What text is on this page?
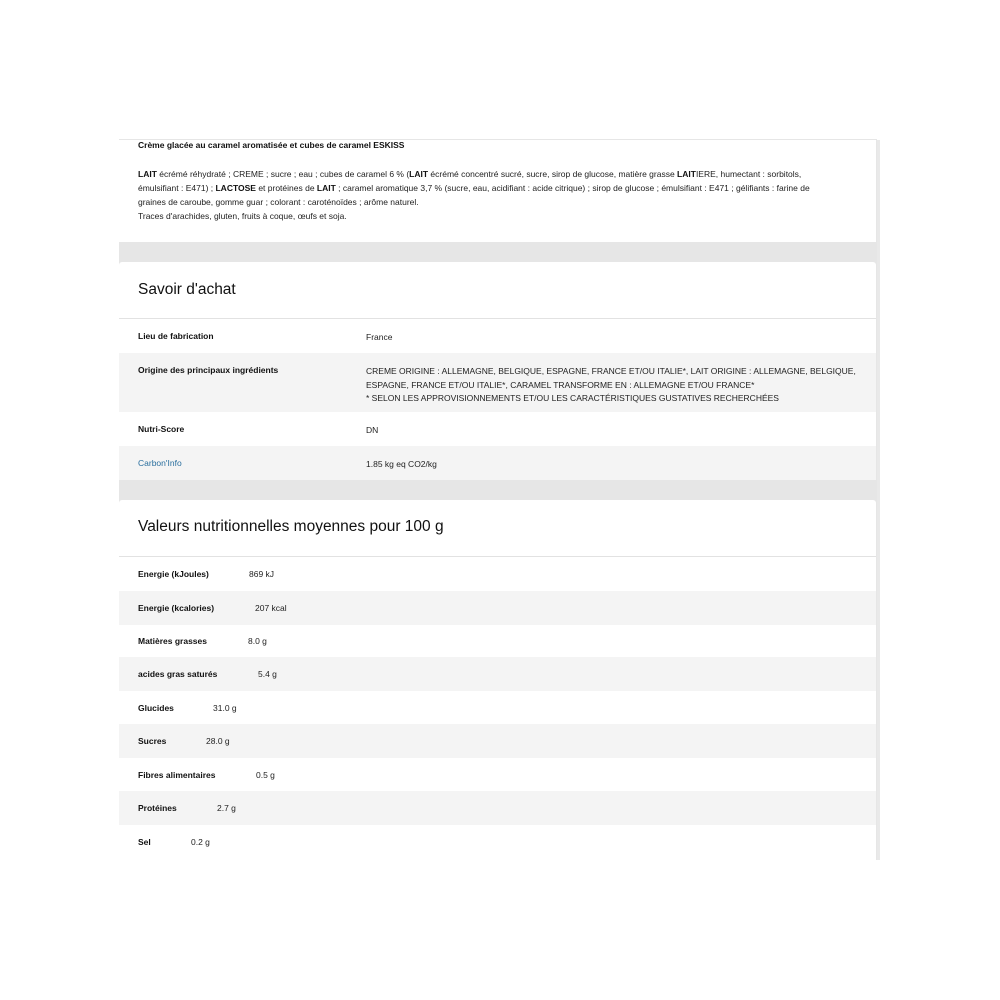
Crème glacée au caramel aromatisée et cubes de caramel ESKISS
LAIT écrémé réhydraté ; CREME ; sucre ; eau ; cubes de caramel 6 % (LAIT écrémé concentré sucré, sucre, sirop de glucose, matière grasse LAITIERE, humectant : sorbitols,
émulsifiant : E471) ; LACTOSE et protéines de LAIT ; caramel aromatique 3,7 % (sucre, eau, acidifiant : acide citrique) ; sirop de glucose ; émulsifiant : E471 ; gélifiants : farine de
graines de caroube, gomme guar ; colorant : caroténoïdes ; arôme naturel.
Traces d'arachides, gluten, fruits à coque, œufs et soja.
Savoir d'achat
Lieu de fabrication	France
Origine des principaux ingrédients	CREME ORIGINE : ALLEMAGNE, BELGIQUE, ESPAGNE, FRANCE ET/OU ITALIE*, LAIT ORIGINE : ALLEMAGNE, BELGIQUE,
ESPAGNE, FRANCE ET/OU ITALIE*, CARAMEL TRANSFORME EN : ALLEMAGNE ET/OU FRANCE*
* SELON LES APPROVISIONNEMENTS ET/OU LES CARACTÉRISTIQUES GUSTATIVES RECHERCHÉES
Nutri-Score	DN
Carbon'Info	1.85 kg eq CO2/kg
Valeurs nutritionnelles moyennes pour 100 g
Energie (kJoules)	869 kJ
Energie (kcalories)	207 kcal
Matières grasses	8.0 g
acides gras saturés	5.4 g
Glucides	31.0 g
Sucres	28.0 g
Fibres alimentaires	0.5 g
Protéines	2.7 g
Sel	0.2 g
